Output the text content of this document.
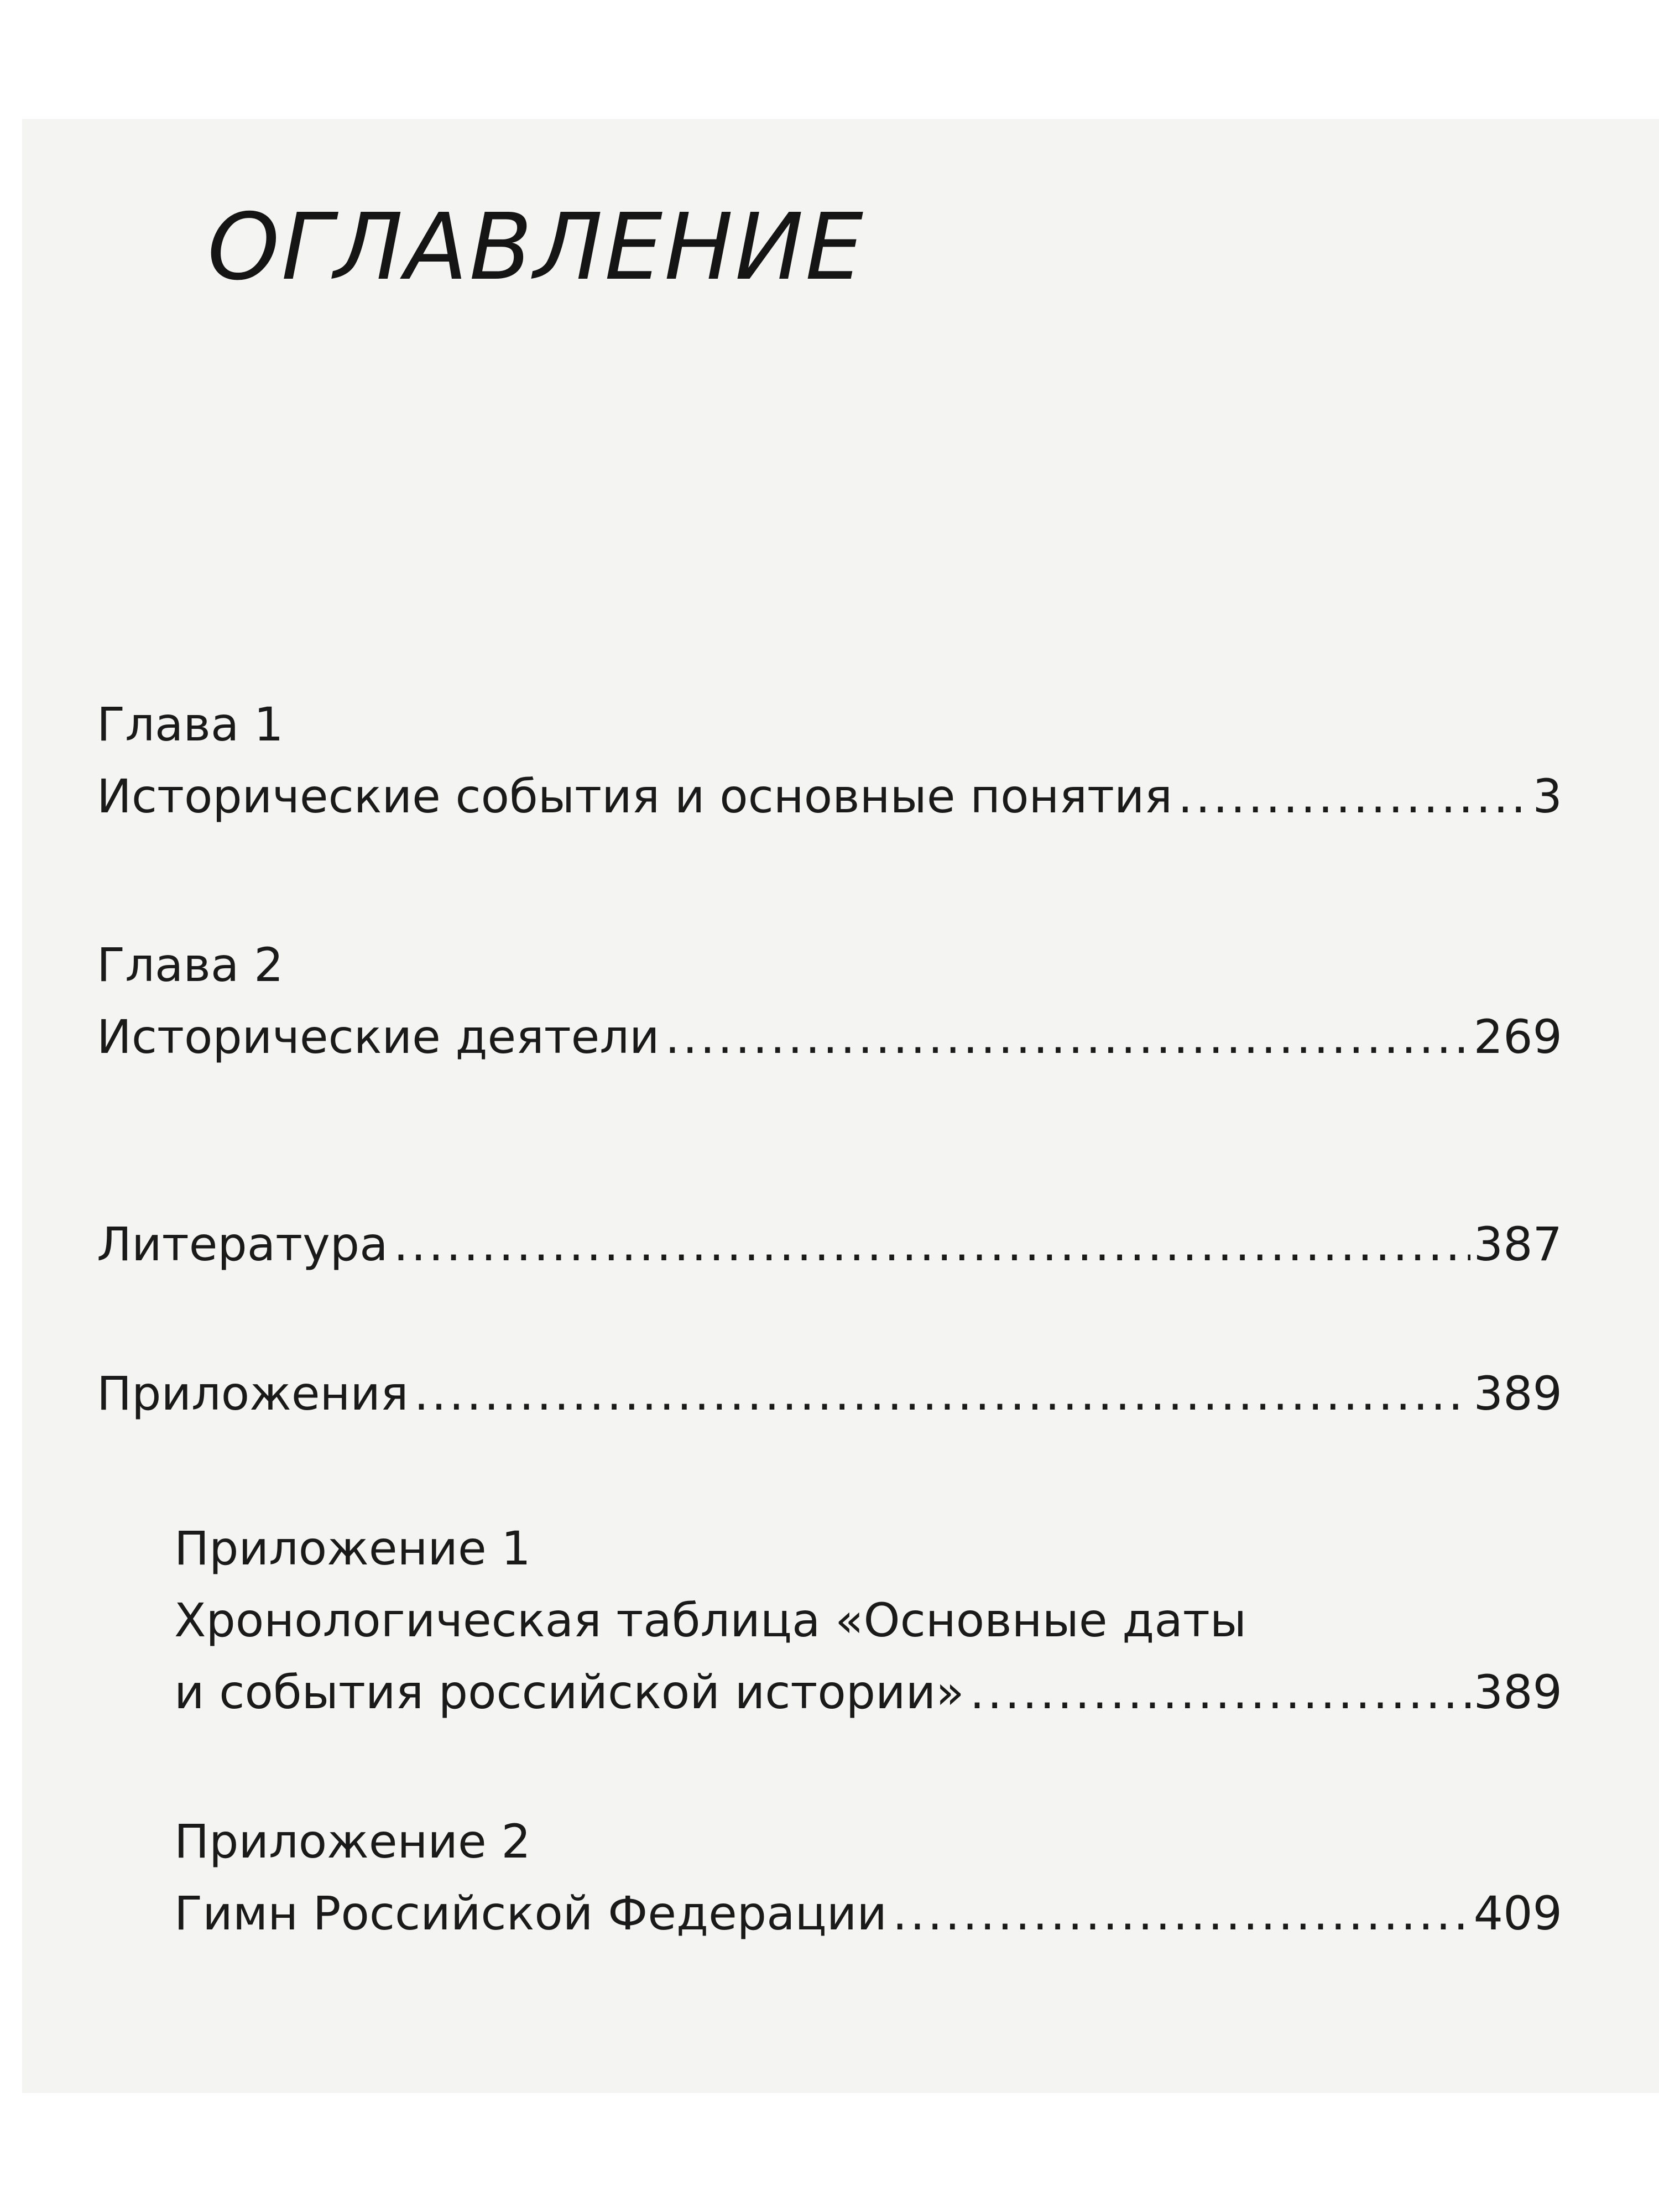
ОГЛАВЛЕНИЕ
Глава 1
Исторические события и основные понятия .....	3
Глава 2
Исторические деятели .....	269
Литература .....	387
Приложения .....	389
Приложение 1
Хронологическая таблица «Основные даты
и события российской истории» .....	389
Приложение 2
Гимн Российской Федерации .....	409
